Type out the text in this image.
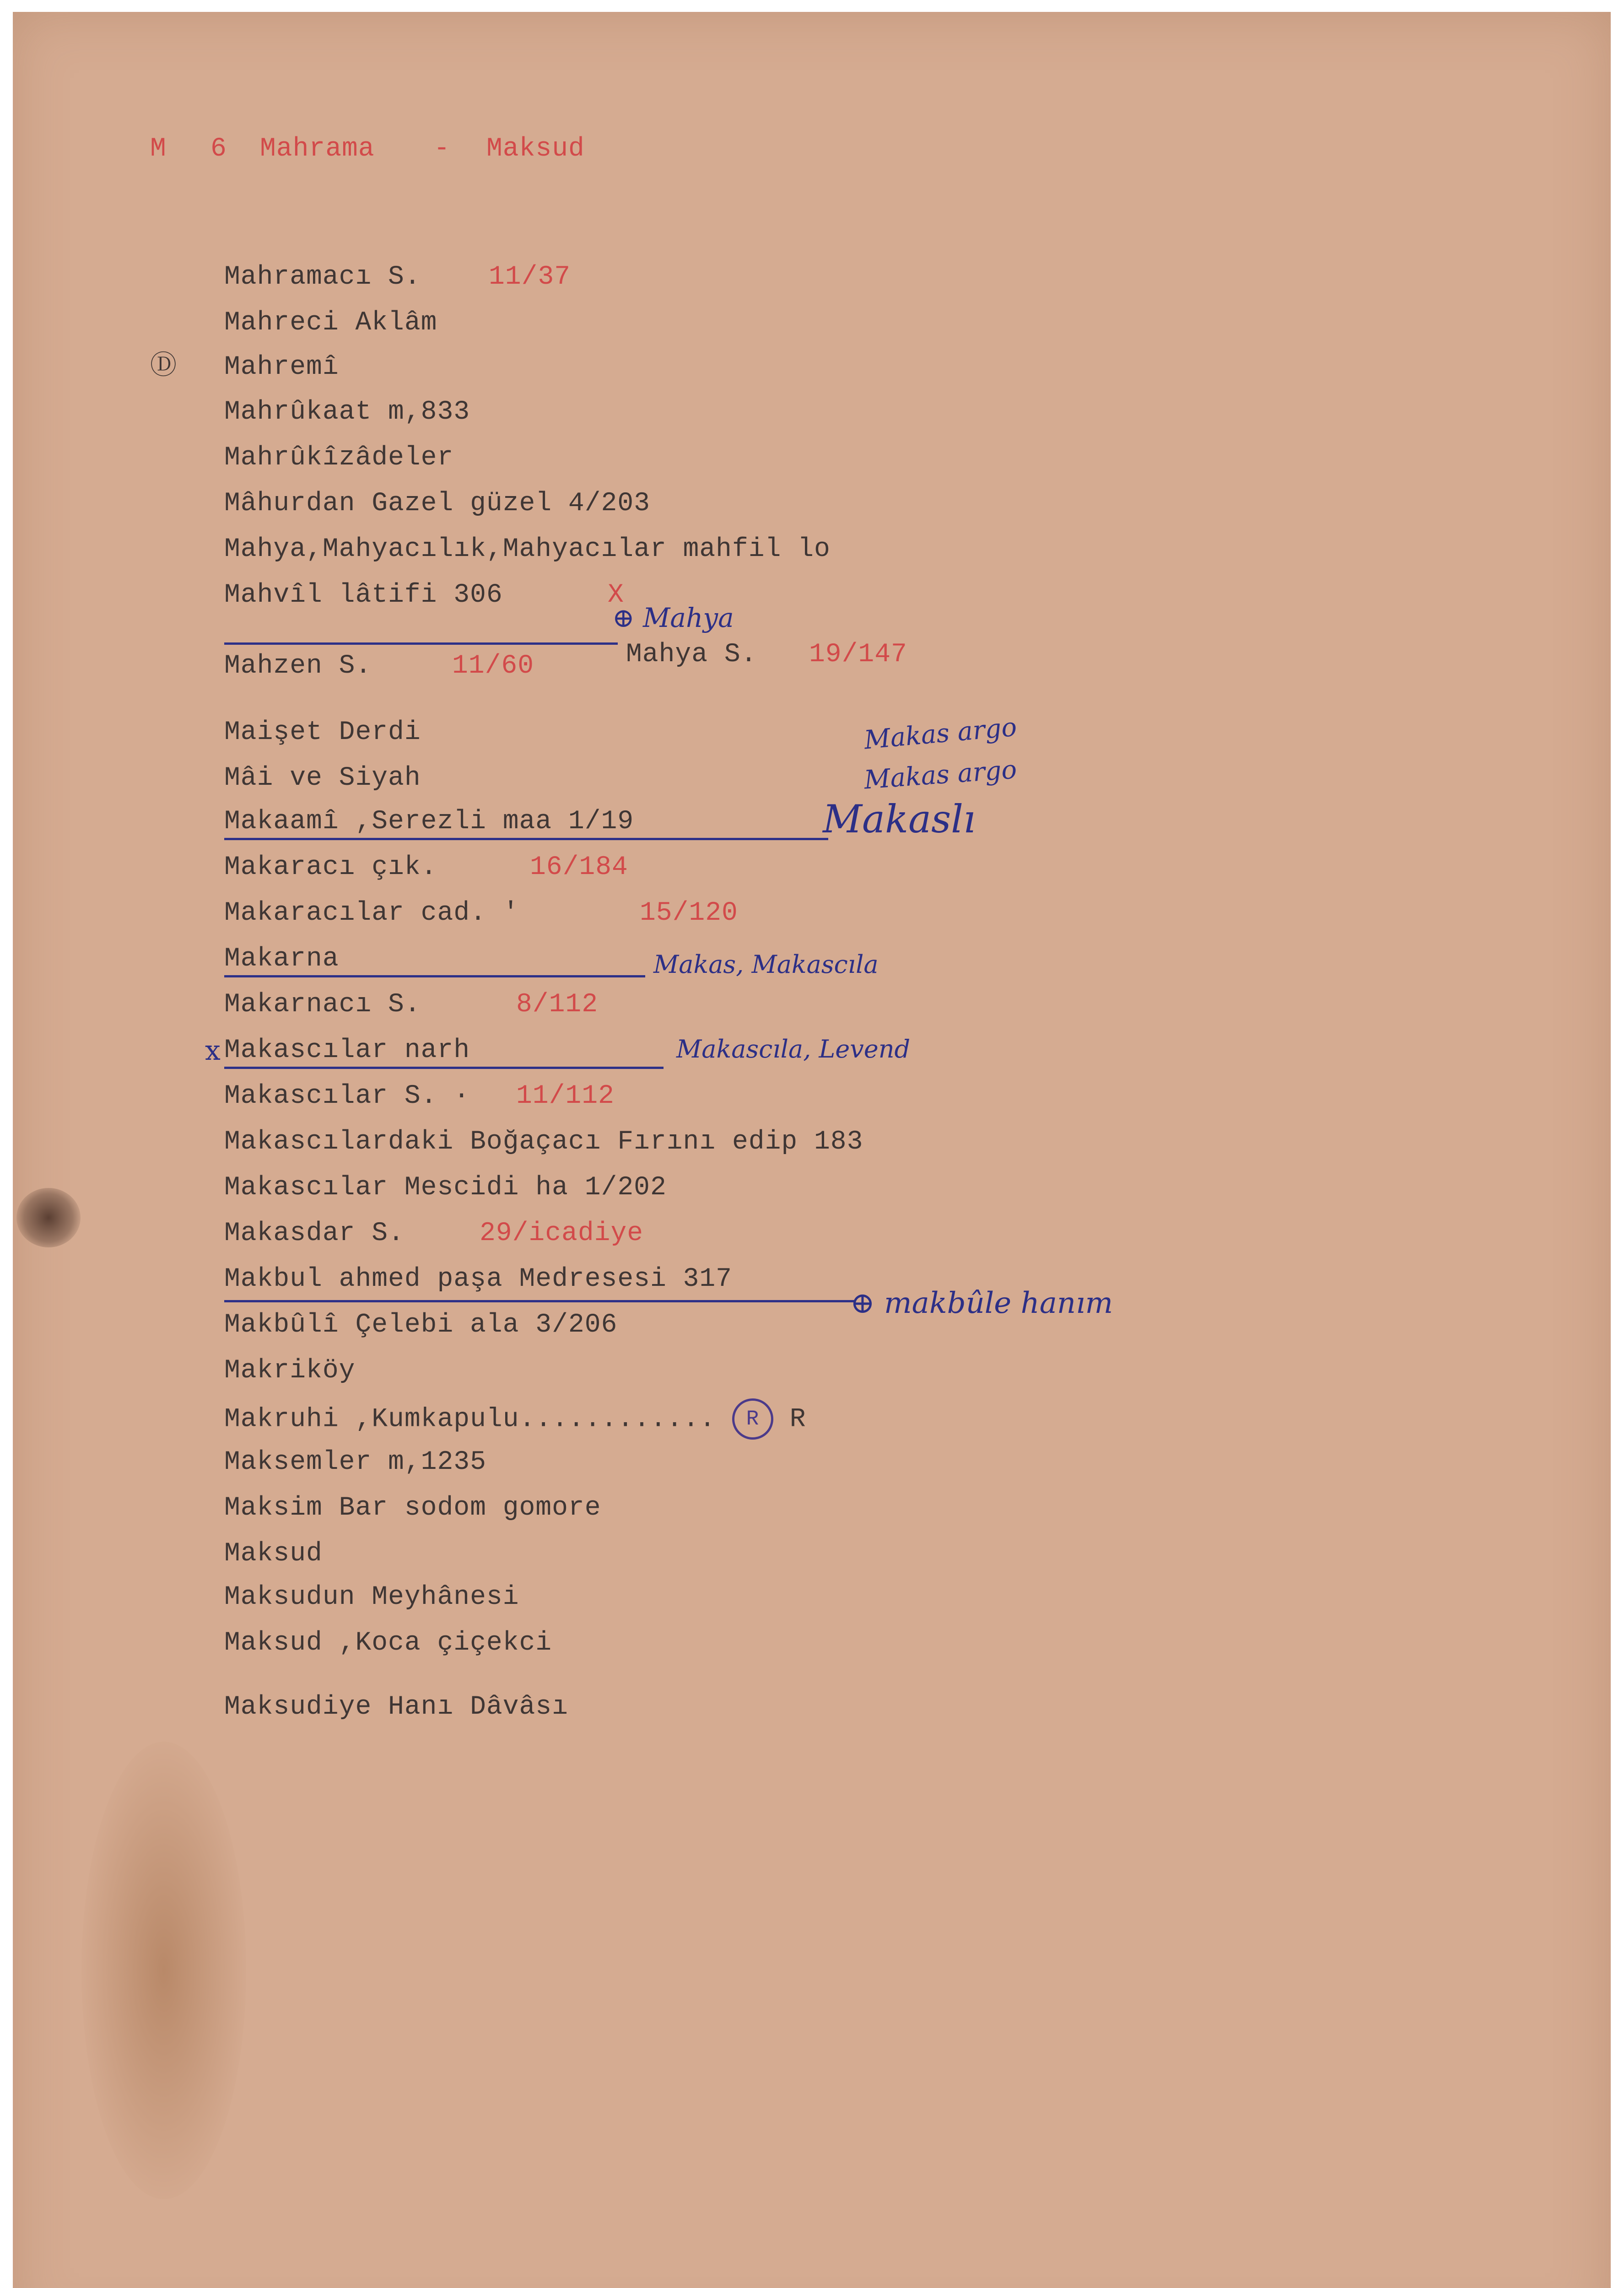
M 6 Mahrama - Maksud
Mahramacı S.	11/37
Mahreci Aklâm
Ⓓ Mahremî
Mahrûkaat m,833
Mahrûkîzâdeler
Mâhurdan Gazel güzel 4/203
Mahya,Mahyacılık,Mahyacılar mahfil lo
Mahvîl lâtifi 306	X
⊕ Mahya
Mahzen S.	11/60	Mahya S. 19/147
Maişet Derdi
Mâi ve Siyah
Makas argo
Makas argo
Makaamî ,Serezli maa 1/19	Makaslı
Makaracı çık.	16/184
Makaracılar cad. '	15/120
Makarna	Makas, Makascıla
Makarnacı S.	8/112
x Makascılar narh	Makascıla, Levend
Makascılar S. · 11/112
Makascılardaki Boğaçacı Fırını edip 183
Makascılar Mescidi ha 1/202
Makasdar S.	29/icadiye
Makbul ahmed paşa Medresesi 317
⊕ makbûle hanım
Makbûlî Çelebi ala 3/206
Makriköy
Makruhi ,Kumkapulu............ R R
Maksemler m,1235
Maksim Bar sodom gomore
Maksud
Maksudun Meyhânesi
Maksud ,Koca çiçekci
Maksudiye Hanı Dâvâsı
